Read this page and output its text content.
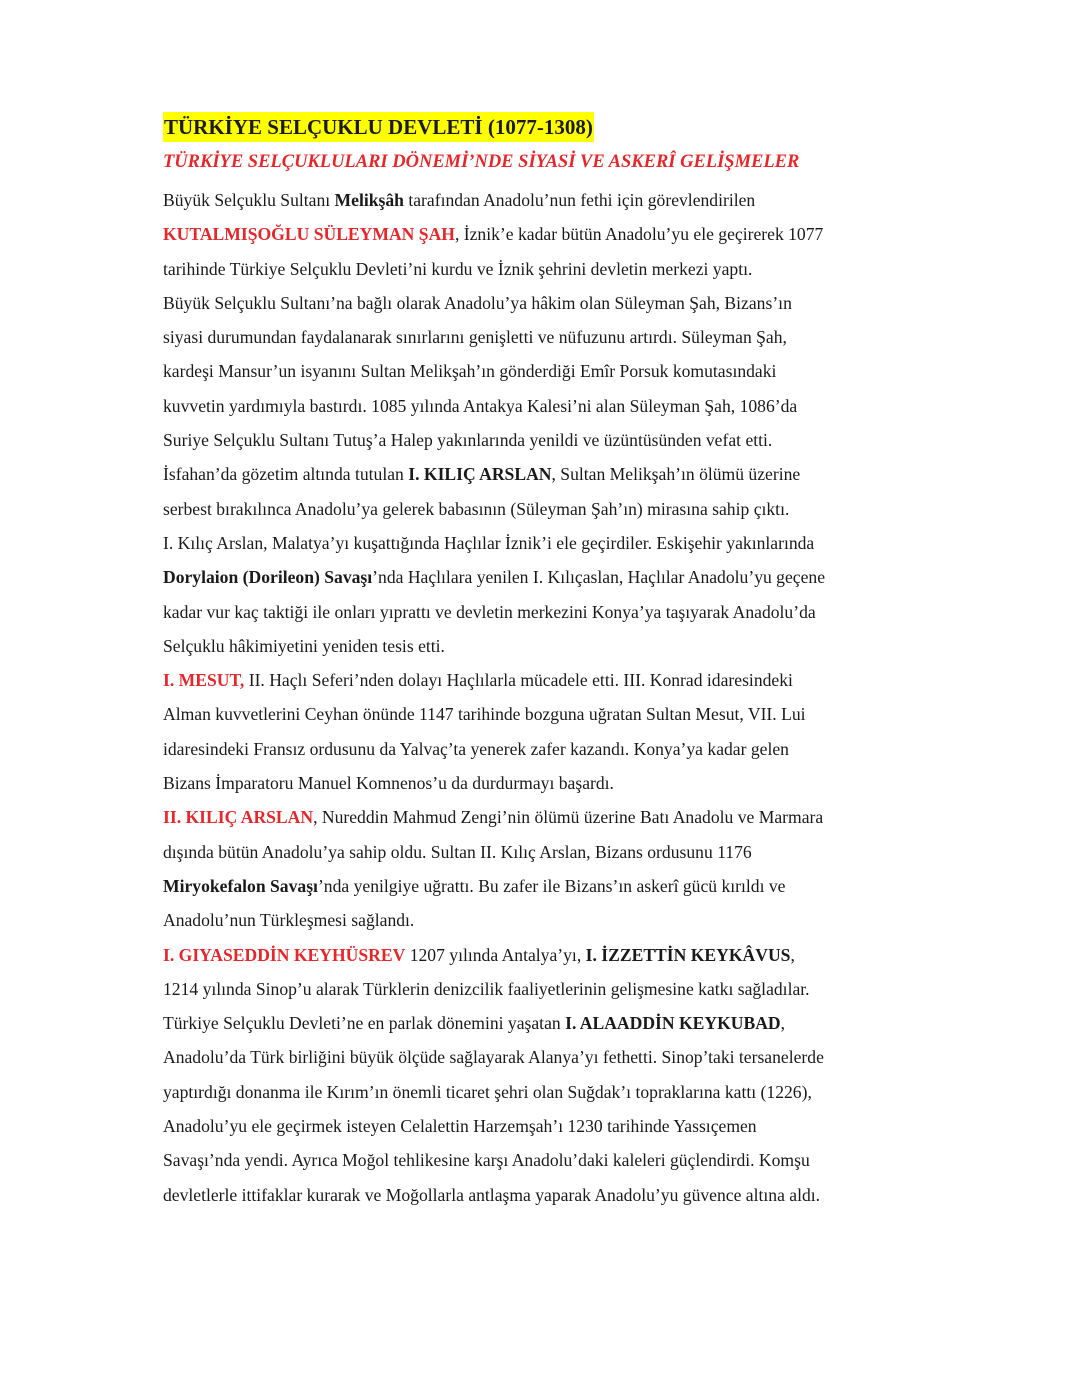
TÜRKİYE SELÇUKLU DEVLETİ (1077-1308)
TÜRKİYE SELÇUKLULARI DÖNEMİ’NDE SİYASİ VE ASKERÎ GELİŞMELER
Büyük Selçuklu Sultanı Melikşâh tarafından Anadolu’nun fethi için görevlendirilen
KUTALMIŞOĞLU SÜLEYMAN ŞAH, İznik’e kadar bütün Anadolu’yu ele geçirerek 1077
tarihinde Türkiye Selçuklu Devleti’ni kurdu ve İznik şehrini devletin merkezi yaptı.
Büyük Selçuklu Sultanı’na bağlı olarak Anadolu’ya hâkim olan Süleyman Şah, Bizans’ın
siyasi durumundan faydalanarak sınırlarını genişletti ve nüfuzunu artırdı. Süleyman Şah,
kardeşi Mansur’un isyanını Sultan Melikşah’ın gönderdiği Emîr Porsuk komutasındaki
kuvvetin yardımıyla bastırdı. 1085 yılında Antakya Kalesi’ni alan Süleyman Şah, 1086’da
Suriye Selçuklu Sultanı Tutuş’a Halep yakınlarında yenildi ve üzüntüsünden vefat etti.
İsfahan’da gözetim altında tutulan I. KILIÇ ARSLAN, Sultan Melikşah’ın ölümü üzerine
serbest bırakılınca Anadolu’ya gelerek babasının (Süleyman Şah’ın) mirasına sahip çıktı.
I. Kılıç Arslan, Malatya’yı kuşattığında Haçlılar İznik’i ele geçirdiler. Eskişehir yakınlarında
Dorylaion (Dorileon) Savaşı’nda Haçlılara yenilen I. Kılıçaslan, Haçlılar Anadolu’yu geçene
kadar vur kaç taktiği ile onları yıprattı ve devletin merkezini Konya’ya taşıyarak Anadolu’da
Selçuklu hâkimiyetini yeniden tesis etti.
I. MESUT, II. Haçlı Seferi’nden dolayı Haçlılarla mücadele etti. III. Konrad idaresindeki
Alman kuvvetlerini Ceyhan önünde 1147 tarihinde bozguna uğratan Sultan Mesut, VII. Lui
idaresindeki Fransız ordusunu da Yalvaç’ta yenerek zafer kazandı. Konya’ya kadar gelen
Bizans İmparatoru Manuel Komnenos’u da durdurmayı başardı.
II. KILIÇ ARSLAN, Nureddin Mahmud Zengi’nin ölümü üzerine Batı Anadolu ve Marmara
dışında bütün Anadolu’ya sahip oldu. Sultan II. Kılıç Arslan, Bizans ordusunu 1176
Miryokefalon Savaşı’nda yenilgiye uğrattı. Bu zafer ile Bizans’ın askerî gücü kırıldı ve
Anadolu’nun Türkleşmesi sağlandı.
I. GIYASEDDİN KEYHÜSREV 1207 yılında Antalya’yı, I. İZZETTİN KEYKÂVUS,
1214 yılında Sinop’u alarak Türklerin denizcilik faaliyetlerinin gelişmesine katkı sağladılar.
Türkiye Selçuklu Devleti’ne en parlak dönemini yaşatan I. ALAADDİN KEYKUBAD,
Anadolu’da Türk birliğini büyük ölçüde sağlayarak Alanya’yı fethetti. Sinop’taki tersanelerde
yaptırdığı donanma ile Kırım’ın önemli ticaret şehri olan Suğdak’ı topraklarına kattı (1226),
Anadolu’yu ele geçirmek isteyen Celalettin Harzemşah’ı 1230 tarihinde Yassıçemen
Savaşı’nda yendi. Ayrıca Moğol tehlikesine karşı Anadolu’daki kaleleri güçlendirdi. Komşu
devletlerle ittifaklar kurarak ve Moğollarla antlaşma yaparak Anadolu’yu güvence altına aldı.
